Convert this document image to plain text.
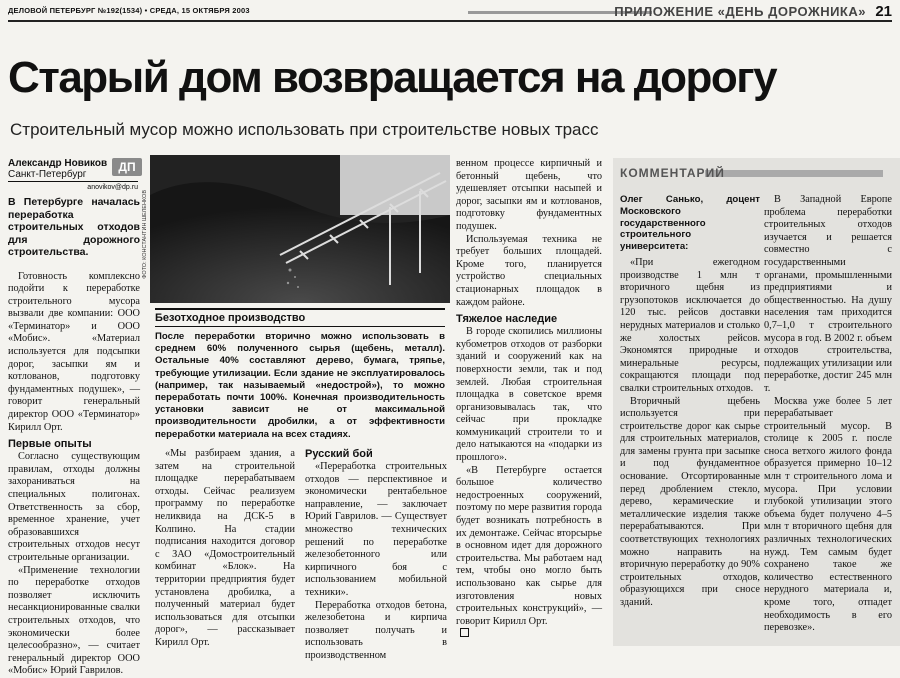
ДЕЛОВОЙ ПЕТЕРБУРГ №192(1534) • СРЕДА, 15 ОКТЯБРЯ 2003	ПРИЛОЖЕНИЕ «ДЕНЬ ДОРОЖНИКА» 21
Старый дом возвращается на дорогу
Строительный мусор можно использовать при строительстве новых трасс
Александр Новиков
Санкт-Петербург
anovikov@dp.ru
ДП

В Петербурге началась переработка строительных отходов для дорожного строительства.

Готовность комплексно подойти к переработке строительного мусора вызвали две компании: ООО «Терминатор» и ООО «Мобис». «Материал используется для подсыпки дорог, засыпки ям и котлованов, подготовку фундаментных подушек», — говорит генеральный директор ООО «Терминатор» Кирилл Орт.

Первые опыты

Согласно существующим правилам, отходы должны захораниваться на специальных полигонах. Ответственность за сбор, временное хранение, учет образовавшихся строительных отходов несут строительные организации.

«Применение технологии по переработке отходов позволяет исключить несанкционированные свалки строительных отходов, что экономически более целесообразно», — считает генеральный директор ООО «Мобис» Юрий Гаврилов.

ФОТО: КОНСТАНТИН ШЕЛЕНКОВ
Безотходное производство
После переработки вторично можно использовать в среднем 60% полученного сырья (щебень, металл). Остальные 40% составляют дерево, бумага, тряпье, требующие утилизации. Если здание не эксплуатировалось (например, так называемый «недострой»), то можно переработать почти 100%. Конечная производительность установки зависит не от максимальной производительности дробилки, а от эффективности переработки материала на всех стадиях.

«Мы разбираем здания, а затем на строительной площадке перерабатываем отходы. Сейчас реализуем программу по переработке неликвида на ДСК-5 в Колпино. На стадии подписания находится договор с ЗАО «Домостроительный комбинат «Блок». На территории предприятия будет установлена дробилка, а полученный материал будет использоваться для отсыпки дорог», — рассказывает Кирилл Орт.

Русский бой

«Переработка строительных отходов — перспективное и экономически рентабельное направление, — заключает Юрий Гаврилов. — Существует множество технических решений по переработке железобетонного или кирпичного боя с использованием мобильной техники».

Переработка отходов бетона, железобетона и кирпича позволяет получать и использовать в производственном

венном процессе кирпичный и бетонный щебень, что удешевляет отсыпки насыпей и дорог, засыпки ям и котлованов, подготовку фундаментных подушек.

Используемая техника не требует больших площадей. Кроме того, планируется устройство специальных стационарных площадок в каждом районе.

Тяжелое наследие

В городе скопились миллионы кубометров отходов от разборки зданий и сооружений как на поверхности земли, так и под землей. Любая строительная площадка в советское время организовывалась так, что сейчас при прокладке коммуникаций строители то и дело натыкаются на «подарки из прошлого».

«В Петербурге остается большое количество недостроенных сооружений, поэтому по мере развития города будет возникать потребность в их демонтаже. Сейчас вторсырье в основном идет для дорожного строительства. Мы работаем над тем, чтобы оно могло быть использовано как сырье для изготовления новых строительных конструкций», — говорит Кирилл Орт.

КОММЕНТАРИЙ
Олег Санько, доцент Московского государственного строительного университета:

«При ежегодном производстве 1 млн т вторичного щебня из грузопотоков исключается до 120 тыс. рейсов доставки нерудных материалов и столько же холостых рейсов. Экономятся природные и минеральные ресурсы, сокращаются площади под свалки строительных отходов.

Вторичный щебень используется при строительстве дорог как сырье для строительных материалов, для замены грунта при засыпке и под фундаментное основание. Отсортированные перед дроблением стекло, дерево, керамические и металлические изделия также перерабатываются. При соответствующих технологиях можно направить на вторичную переработку до 90% строительных отходов, образующихся при сносе зданий.

В Западной Европе проблема переработки строительных отходов изучается и решается совместно с государственными органами, промышленными предприятиями и общественностью. На душу населения там приходится 0,7–1,0 т строительного мусора в год. В 2002 г. объем отходов строительства, подлежащих утилизации или переработке, достиг 245 млн т.

Москва уже более 5 лет перерабатывает строительный мусор. В столице к 2005 г. после сноса ветхого жилого фонда образуется примерно 10–12 млн т строительного лома и мусора. При условии глубокой утилизации этого объема будет получено 4–5 млн т вторичного щебня для различных технологических нужд. Тем самым будет сохранено такое же количество естественного нерудного материала и, кроме того, отпадет необходимость в его перевозке».
